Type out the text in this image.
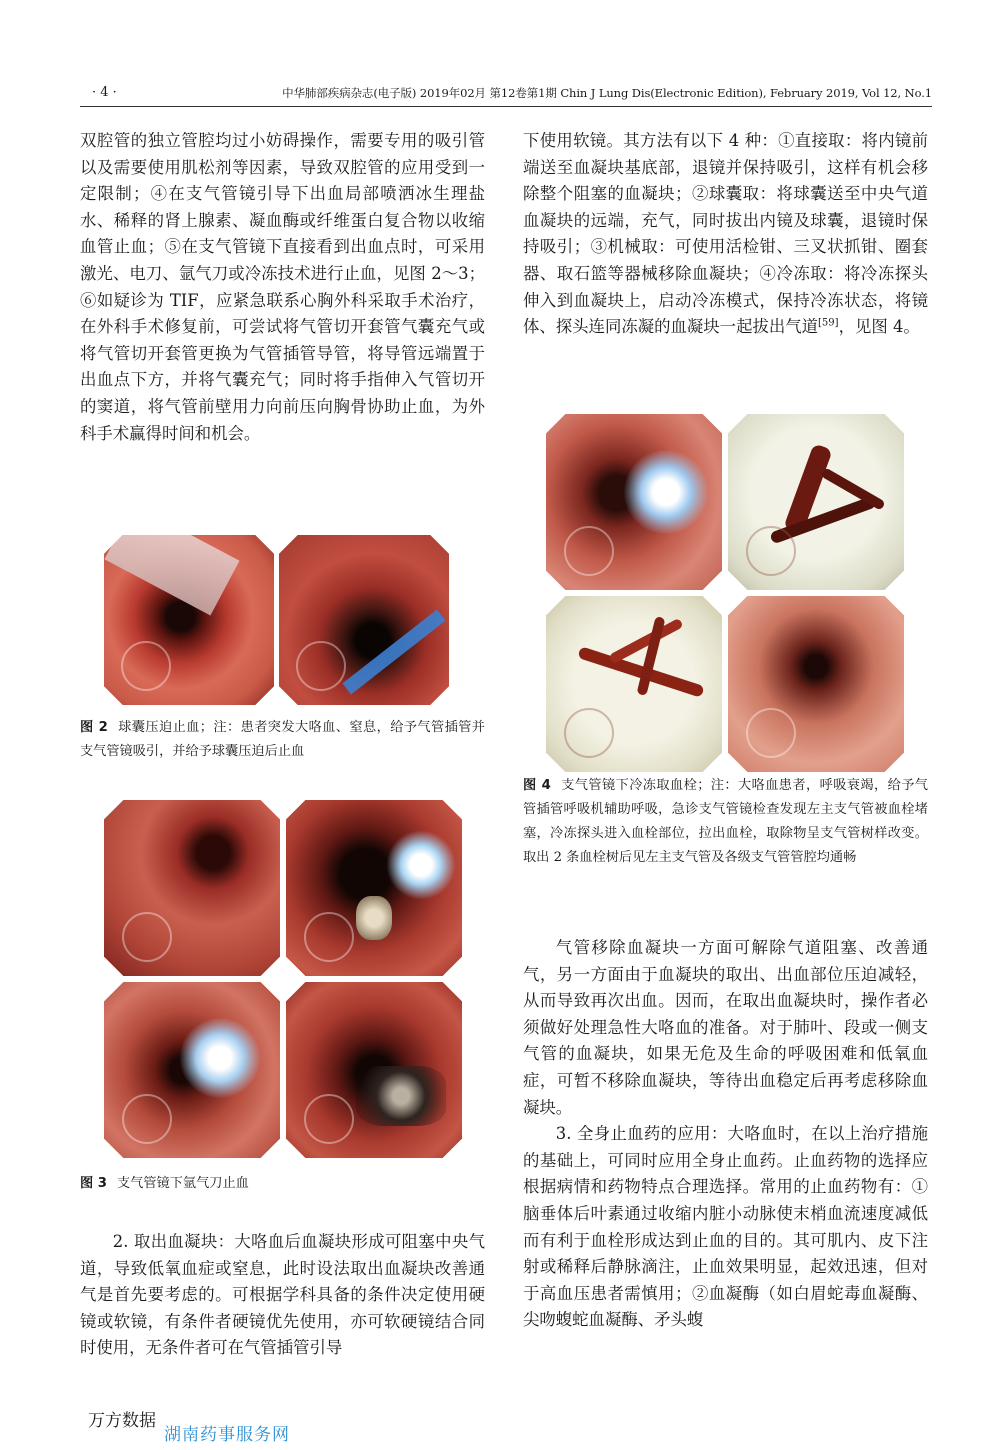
· 4 ·	中华肺部疾病杂志(电子版) 2019年02月 第12卷第1期 Chin J Lung Dis(Electronic Edition), February 2019, Vol 12, No.1

双腔管的独立管腔均过小妨碍操作，需要专用的吸引管以及需要使用肌松剂等因素，导致双腔管的应用受到一定限制；④在支气管镜引导下出血局部喷洒冰生理盐水、稀释的肾上腺素、凝血酶或纤维蛋白复合物以收缩血管止血；⑤在支气管镜下直接看到出血点时，可采用激光、电刀、氩气刀或冷冻技术进行止血，见图 2～3；⑥如疑诊为 TIF，应紧急联系心胸外科采取手术治疗，在外科手术修复前，可尝试将气管切开套管气囊充气或将气管切开套管更换为气管插管导管，将导管远端置于出血点下方，并将气囊充气；同时将手指伸入气管切开的窦道，将气管前壁用力向前压向胸骨协助止血，为外科手术赢得时间和机会。

图 2 球囊压迫止血；注：患者突发大咯血、窒息，给予气管插管并支气管镜吸引，并给予球囊压迫后止血
图 3 支气管镜下氩气刀止血

2. 取出血凝块：大咯血后血凝块形成可阻塞中央气道，导致低氧血症或窒息，此时设法取出血凝块改善通气是首先要考虑的。可根据学科具备的条件决定使用硬镜或软镜，有条件者硬镜优先使用，亦可软硬镜结合同时使用，无条件者可在气管插管引导

下使用软镜。其方法有以下 4 种：①直接取：将内镜前端送至血凝块基底部，退镜并保持吸引，这样有机会移除整个阻塞的血凝块；②球囊取：将球囊送至中央气道血凝块的远端，充气，同时拔出内镜及球囊，退镜时保持吸引；③机械取：可使用活检钳、三叉状抓钳、圈套器、取石篮等器械移除血凝块；④冷冻取：将冷冻探头伸入到血凝块上，启动冷冻模式，保持冷冻状态，将镜体、探头连同冻凝的血凝块一起拔出气道[59]，见图 4。

图 4 支气管镜下冷冻取血栓；注：大咯血患者，呼吸衰竭，给予气管插管呼吸机辅助呼吸，急诊支气管镜检查发现左主支气管被血栓堵塞，冷冻探头进入血栓部位，拉出血栓，取除物呈支气管树样改变。取出 2 条血栓树后见左主支气管及各级支气管管腔均通畅

气管移除血凝块一方面可解除气道阻塞、改善通气，另一方面由于血凝块的取出、出血部位压迫减轻，从而导致再次出血。因而，在取出血凝块时，操作者必须做好处理急性大咯血的准备。对于肺叶、段或一侧支气管的血凝块，如果无危及生命的呼吸困难和低氧血症，可暂不移除血凝块，等待出血稳定后再考虑移除血凝块。

3. 全身止血药的应用：大咯血时，在以上治疗措施的基础上，可同时应用全身止血药。止血药物的选择应根据病情和药物特点合理选择。常用的止血药物有：①脑垂体后叶素通过收缩内脏小动脉使末梢血流速度减低而有利于血栓形成达到止血的目的。其可肌内、皮下注射或稀释后静脉滴注，止血效果明显，起效迅速，但对于高血压患者需慎用；②血凝酶（如白眉蛇毒血凝酶、尖吻蝮蛇血凝酶、矛头蝮

万方数据
湖南药事服务网
